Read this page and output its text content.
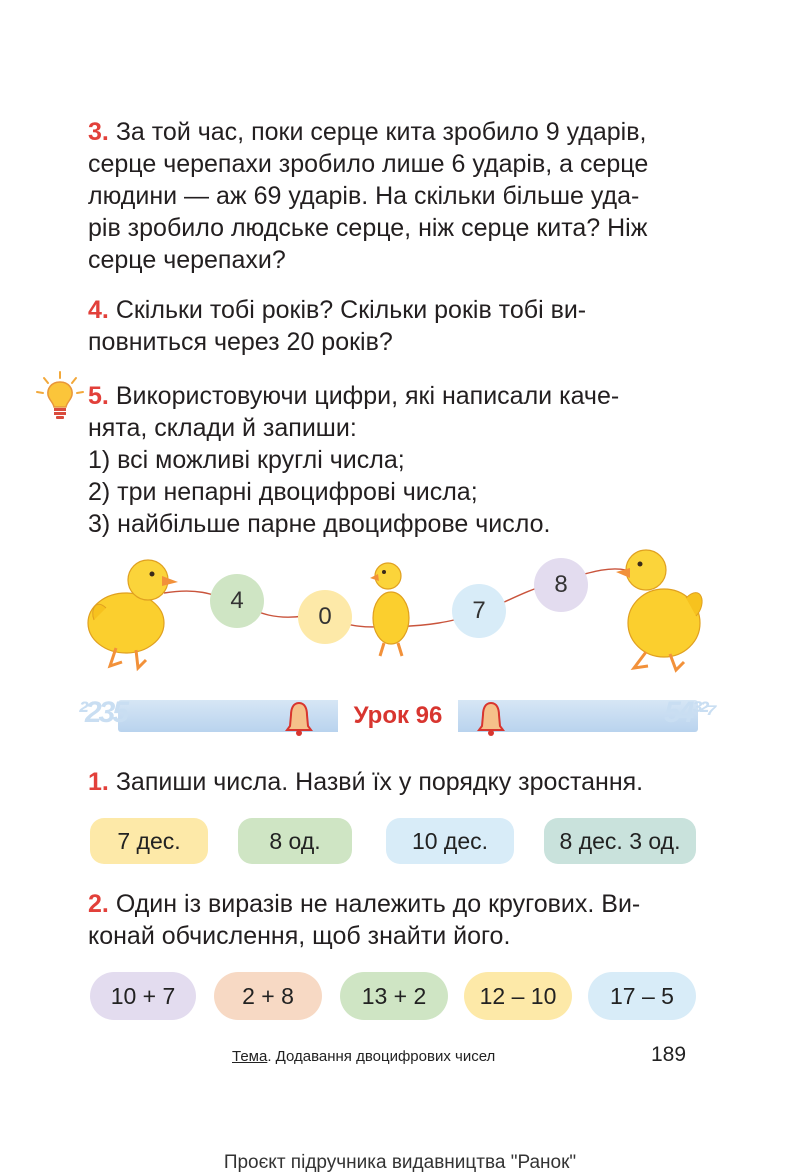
3. За той час, поки серце кита зробило 9 ударів,
серце черепахи зробило лише 6 ударів, а серце
людини — аж 69 ударів. На скільки більше уда-
рів зробило людське серце, ніж серце кита? Ніж
серце черепахи?
4. Скільки тобі років? Скільки років тобі ви-
повниться через 20 років?
5. Використовуючи цифри, які написали каче-
нята, склади й запиши:
1) всі можливі круглі числа;
2) три непарні двоцифрові числа;
3) найбільше парне двоцифрове число.
4
0	7
8
²235	54³²⁷
Урок 96
1. Запиши числа. Назви́ їх у порядку зростання.
7 дес.	8 од.	10 дес.	8 дес. 3 од.
2. Один із виразів не належить до кругових. Ви-
конай обчислення, щоб знайти його.
10 + 7	2 + 8	13 + 2	12 – 10	17 – 5
Тема. Додавання двоцифрових чисел	189
Проєкт підручника видавництва "Ранок"
